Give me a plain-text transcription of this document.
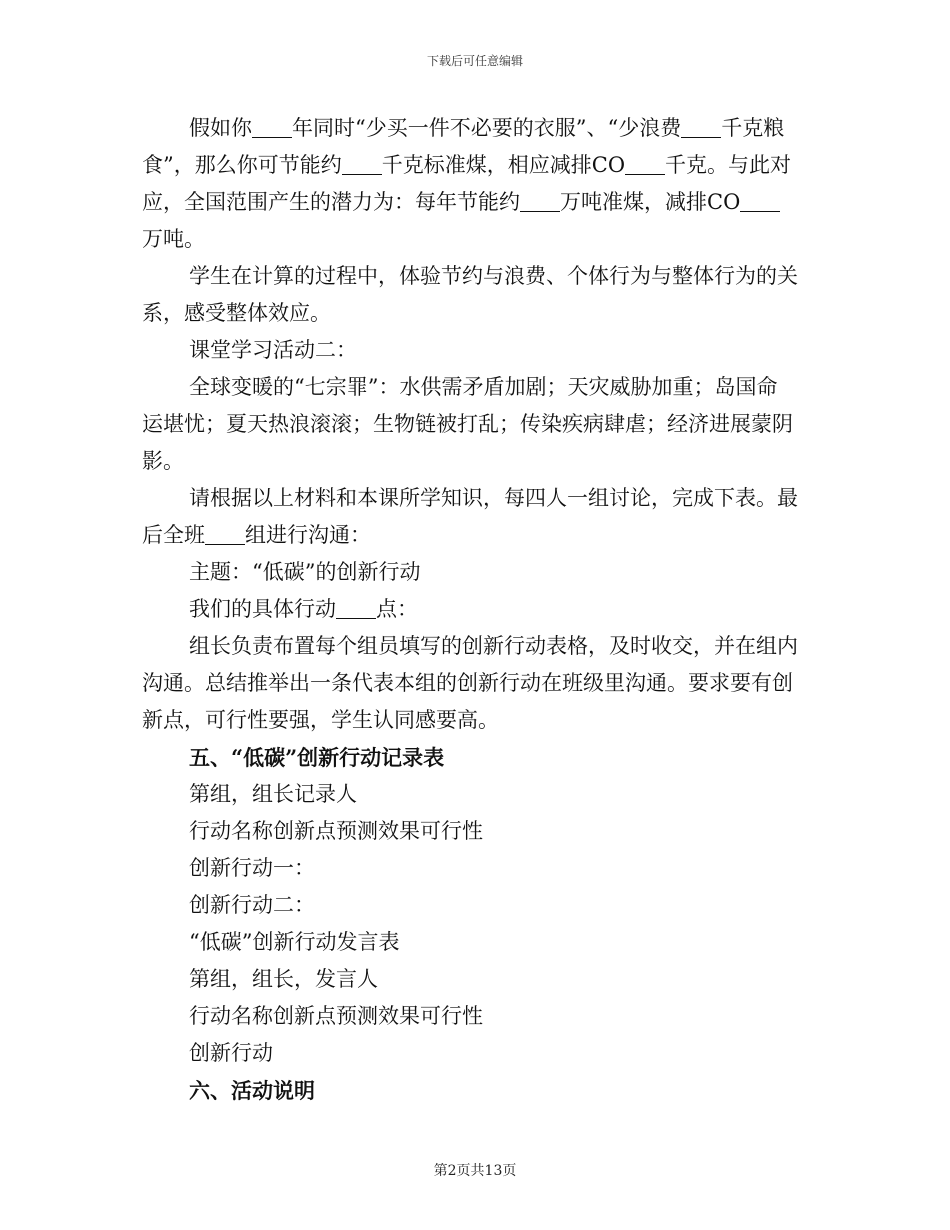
下载后可任意编辑

假如你 年同时“少买一件不必要的衣服”、“少浪费 千克粮食”，那么你可节能约 千克标准煤，相应减排CO 千克。与此对应，全国范围产生的潜力为：每年节能约 万吨准煤，减排CO万吨。

学生在计算的过程中，体验节约与浪费、个体行为与整体行为的关系，感受整体效应。

课堂学习活动二：

全球变暖的“七宗罪”：水供需矛盾加剧；天灾威胁加重；岛国命运堪忧；夏天热浪滚滚；生物链被打乱；传染疾病肆虐；经济进展蒙阴影。

请根据以上材料和本课所学知识，每四人一组讨论，完成下表。最后全班 组进行沟通：

主题：“低碳”的创新行动

我们的具体行动 点：

组长负责布置每个组员填写的创新行动表格，及时收交，并在组内沟通。总结推举出一条代表本组的创新行动在班级里沟通。要求要有创新点，可行性要强，学生认同感要高。

五、“低碳”创新行动记录表

第组，组长记录人

行动名称创新点预测效果可行性

创新行动一：

创新行动二：

“低碳”创新行动发言表

第组，组长，发言人

行动名称创新点预测效果可行性

创新行动

六、活动说明

第2页共13页
